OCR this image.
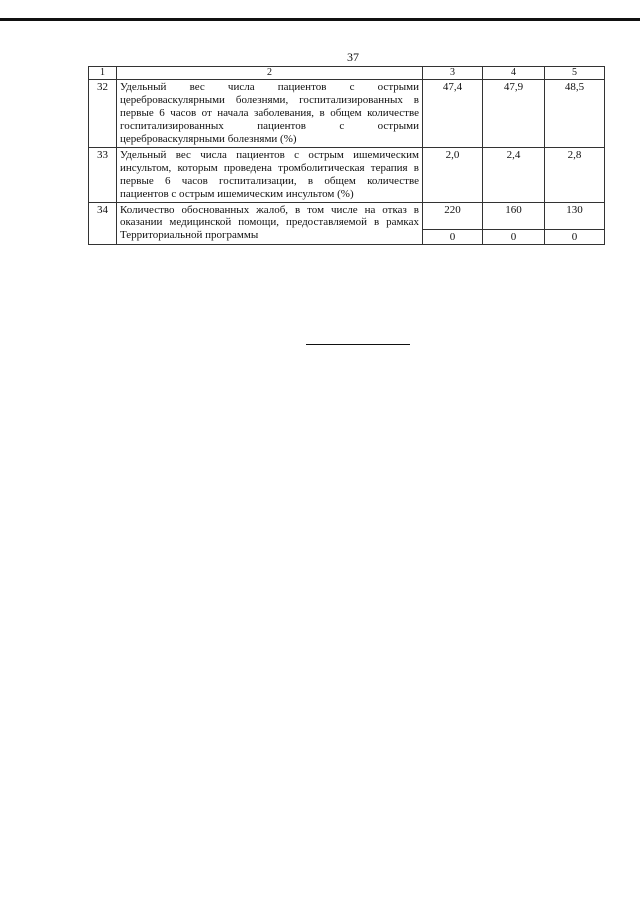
37
1	2	3	4	5
32	Удельный вес числа пациентов с острыми цереброваскулярными болезнями, госпитализированных в первые 6 часов от начала заболевания, в общем количестве госпитализированных пациентов с острыми цереброваскулярными болезнями (%)	47,4	47,9	48,5
33	Удельный вес числа пациентов с острым ишемическим инсультом, которым проведена тромболитическая терапия в первые 6 часов госпитализации, в общем количестве пациентов с острым ишемическим инсультом (%)	2,0	2,4	2,8
34	Количество обоснованных жалоб, в том числе на отказ в оказании медицинской помощи, предоставляемой в рамках Территориальной программы	220	160	130
		0	0	0
